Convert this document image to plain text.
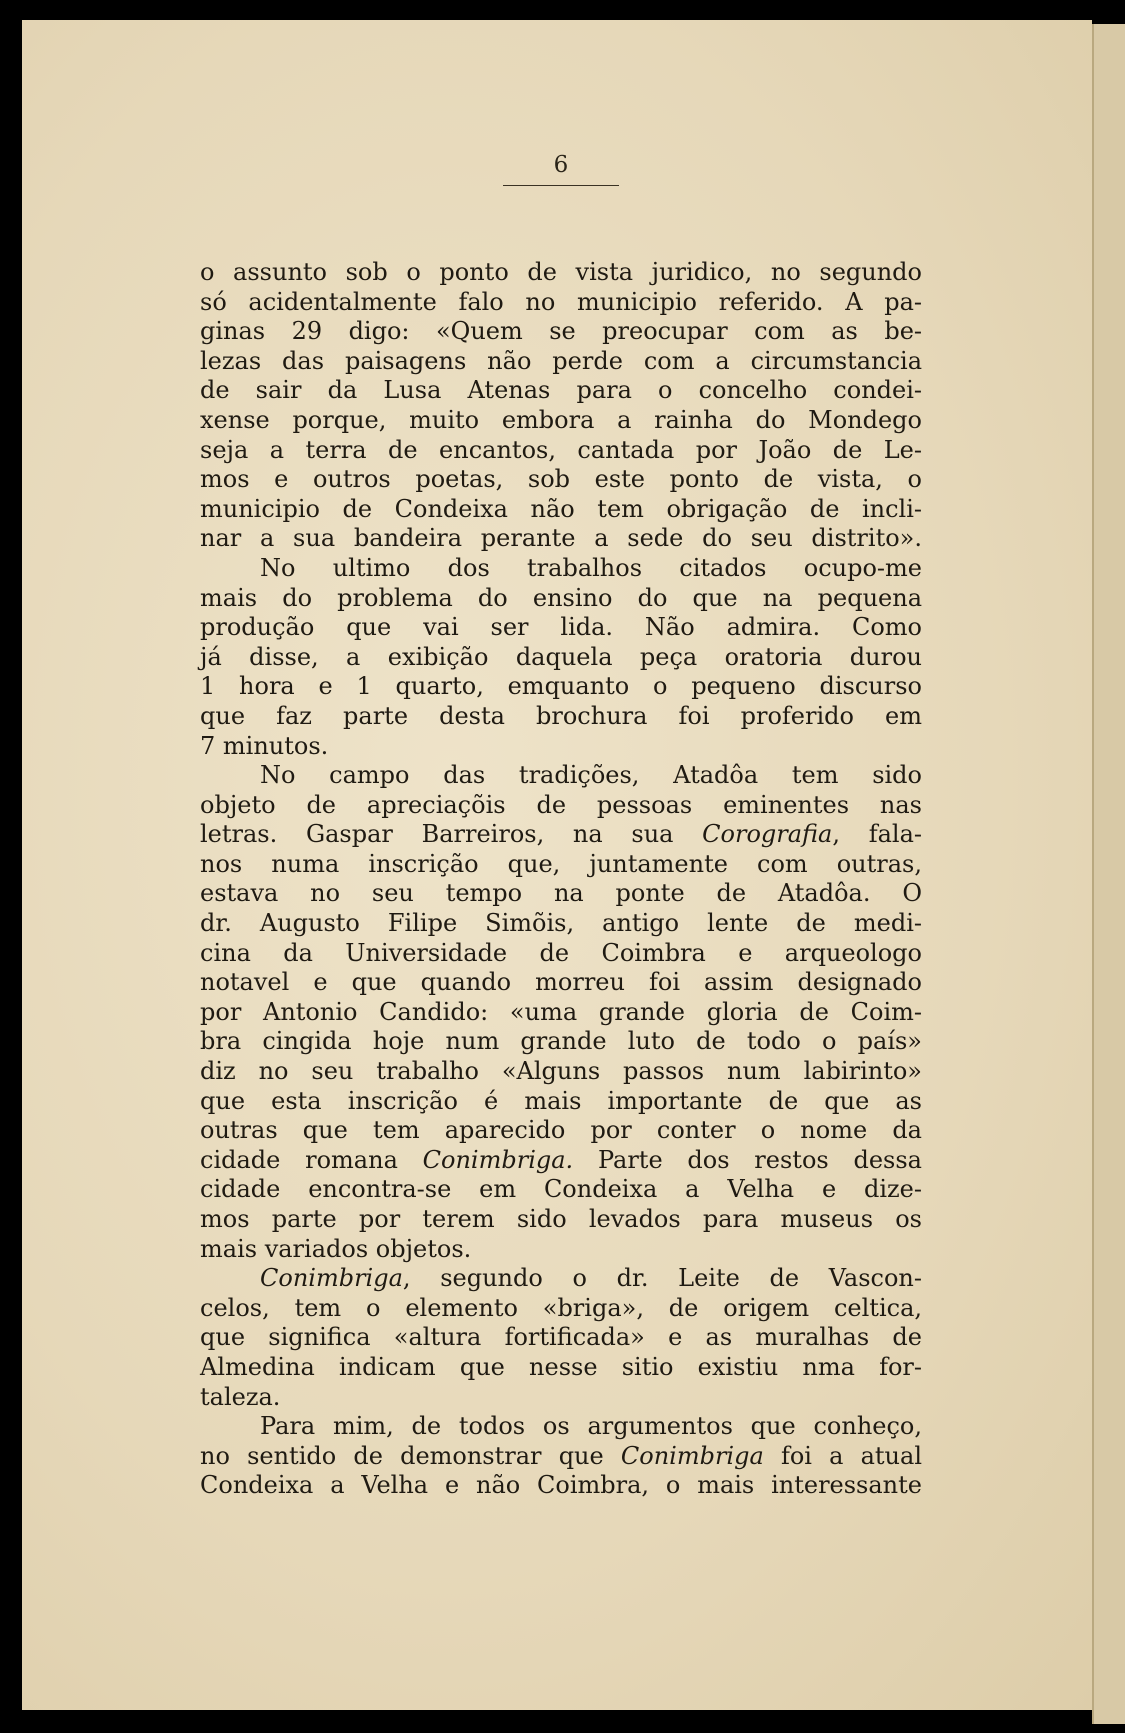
6
o assunto sob o ponto de vista juridico, no segundo
só acidentalmente falo no municipio referido. A pa-
ginas 29 digo: «Quem se preocupar com as be-
lezas das paisagens não perde com a circumstancia
de sair da Lusa Atenas para o concelho condei-
xense porque, muito embora a rainha do Mondego
seja a terra de encantos, cantada por João de Le-
mos e outros poetas, sob este ponto de vista, o
municipio de Condeixa não tem obrigação de incli-
nar a sua bandeira perante a sede do seu distrito».
No ultimo dos trabalhos citados ocupo-me
mais do problema do ensino do que na pequena
produção que vai ser lida. Não admira. Como
já disse, a exibição daquela peça oratoria durou
1 hora e 1 quarto, emquanto o pequeno discurso
que faz parte desta brochura foi proferido em
7 minutos.
No campo das tradições, Atadôa tem sido
objeto de apreciaçõis de pessoas eminentes nas
letras. Gaspar Barreiros, na sua Corografia, fala-
nos numa inscrição que, juntamente com outras,
estava no seu tempo na ponte de Atadôa. O
dr. Augusto Filipe Simõis, antigo lente de medi-
cina da Universidade de Coimbra e arqueologo
notavel e que quando morreu foi assim designado
por Antonio Candido: «uma grande gloria de Coim-
bra cingida hoje num grande luto de todo o país»
diz no seu trabalho «Alguns passos num labirinto»
que esta inscrição é mais importante de que as
outras que tem aparecido por conter o nome da
cidade romana Conimbriga. Parte dos restos dessa
cidade encontra-se em Condeixa a Velha e dize-
mos parte por terem sido levados para museus os
mais variados objetos.
Conimbriga, segundo o dr. Leite de Vascon-
celos, tem o elemento «briga», de origem celtica,
que significa «altura fortificada» e as muralhas de
Almedina indicam que nesse sitio existiu nma for-
taleza.
Para mim, de todos os argumentos que conheço,
no sentido de demonstrar que Conimbriga foi a atual
Condeixa a Velha e não Coimbra, o mais interessante
